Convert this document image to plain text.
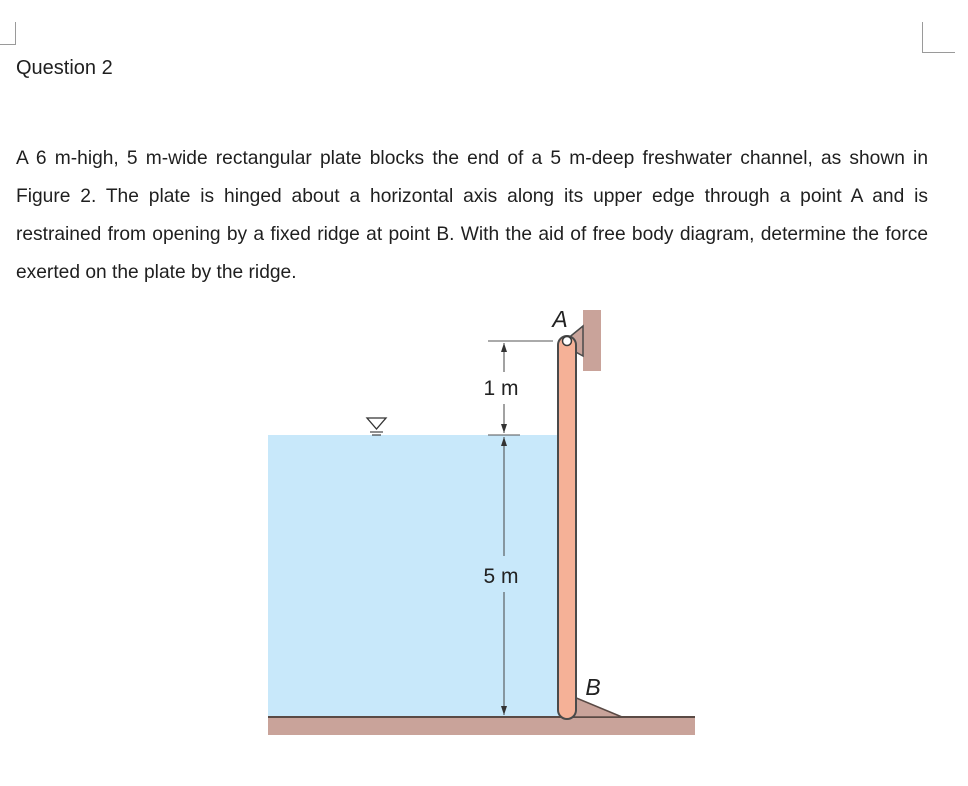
Question 2

A 6 m-high, 5 m-wide rectangular plate blocks the end of a 5 m-deep freshwater channel, as shown in Figure 2. The plate is hinged about a horizontal axis along its upper edge through a point A and is restrained from opening by a fixed ridge at point B. With the aid of free body diagram, determine the force exerted on the plate by the ridge.

1 m
5 m
A
B
